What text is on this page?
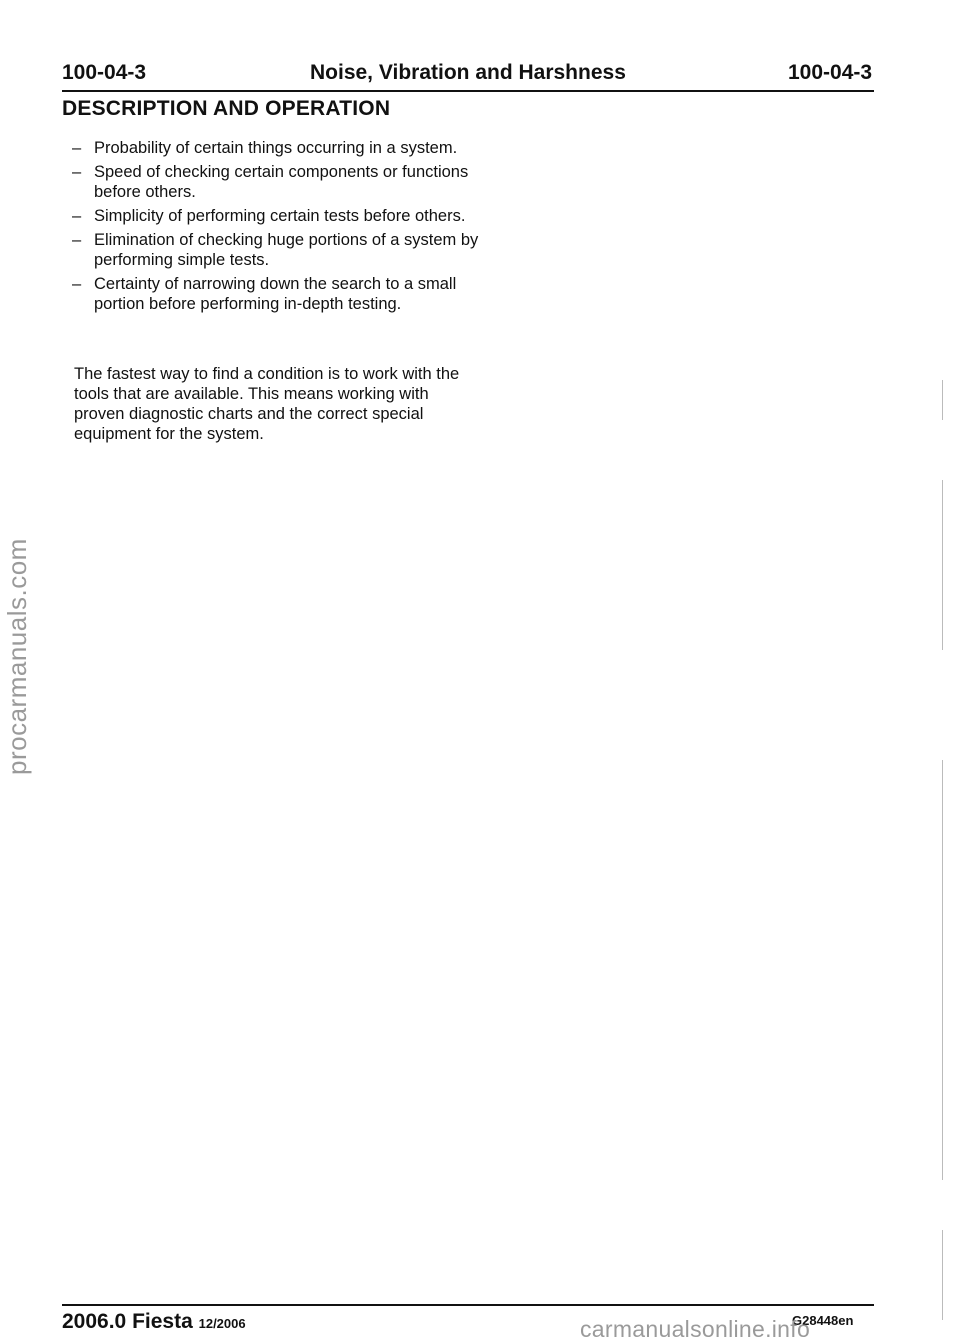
100-04-3	Noise, Vibration and Harshness	100-04-3
DESCRIPTION AND OPERATION
– Probability of certain things occurring in a system.
– Speed of checking certain components or functions before others.
– Simplicity of performing certain tests before others.
– Elimination of checking huge portions of a system by performing simple tests.
– Certainty of narrowing down the search to a small portion before performing in-depth testing.

The fastest way to find a condition is to work with the tools that are available. This means working with proven diagnostic charts and the correct special equipment for the system.

procarmanuals.com
2006.0 Fiesta 12/2006	G28448en
carmanualsonline.info
